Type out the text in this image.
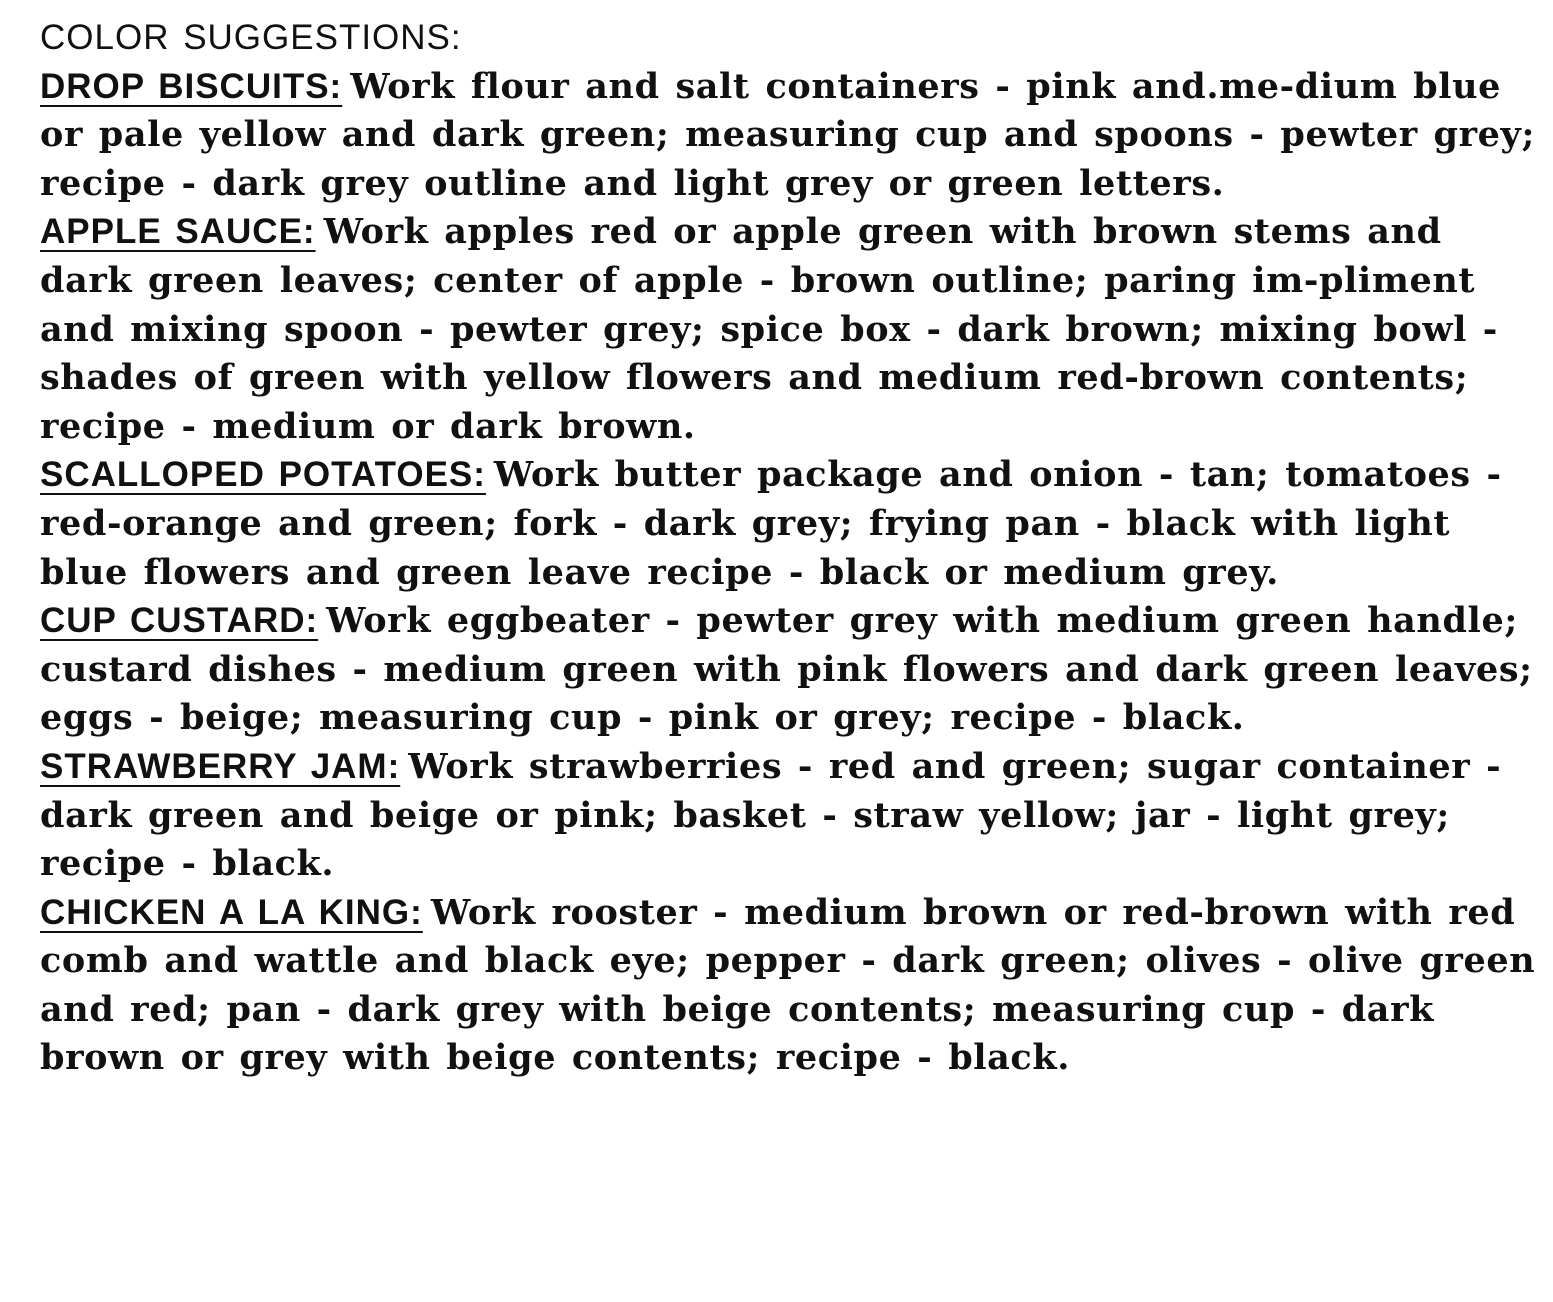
COLOR SUGGESTIONS:

DROP BISCUITS: Work flour and salt containers - pink and.me-dium blue or pale yellow and dark green; measuring cup and spoons - pewter grey; recipe - dark grey outline and light grey or green letters.

APPLE SAUCE: Work apples red or apple green with brown stems and dark green leaves; center of apple - brown outline; paring im-pliment and mixing spoon - pewter grey; spice box - dark brown; mixing bowl - shades of green with yellow flowers and medium red-brown contents; recipe - medium or dark brown.

SCALLOPED POTATOES: Work butter package and onion - tan; tomatoes - red-orange and green; fork - dark grey; frying pan - black with light blue flowers and green leave recipe - black or medium grey.

CUP CUSTARD: Work eggbeater - pewter grey with medium green handle; custard dishes - medium green with pink flowers and dark green leaves; eggs - beige; measuring cup - pink or grey; recipe - black.

STRAWBERRY JAM: Work strawberries - red and green; sugar container - dark green and beige or pink; basket - straw yellow; jar - light grey; recipe - black.

CHICKEN A LA KING: Work rooster - medium brown or red-brown with red comb and wattle and black eye; pepper - dark green; olives - olive green and red; pan - dark grey with beige contents; measuring cup - dark brown or grey with beige contents; recipe - black.
